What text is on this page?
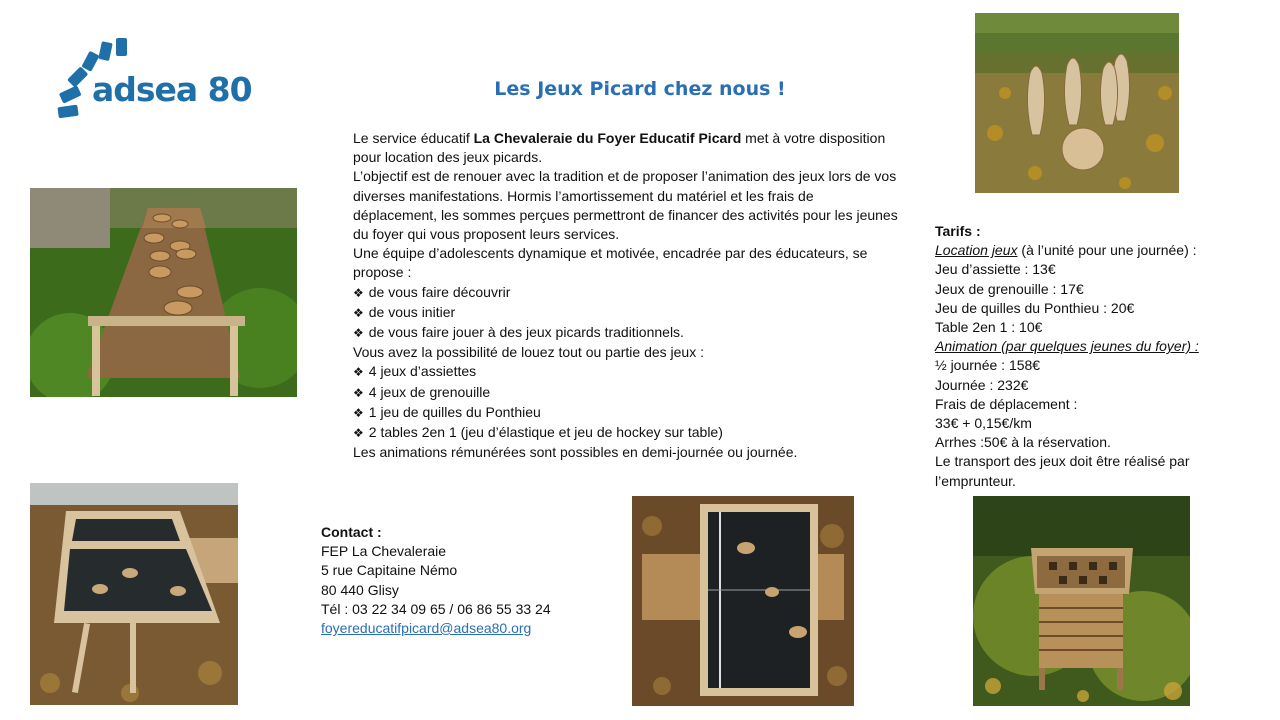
adsea 80	Les Jeux Picard chez nous !

Le service éducatif La Chevaleraie du Foyer Educatif Picard met à votre disposition pour location des jeux picards.

L’objectif est de renouer avec la tradition et de proposer l’animation des jeux lors de vos diverses manifestations. Hormis l’amortissement du matériel et les frais de déplacement, les sommes perçues permettront de financer des activités pour les jeunes du foyer qui vous proposent leurs services.

Une équipe d’adolescents dynamique et motivée, encadrée par des éducateurs, se propose :

❖ de vous faire découvrir

❖ de vous initier

❖ de vous faire jouer à des jeux picards traditionnels.

Vous avez la possibilité de louez tout ou partie des jeux :

❖ 4 jeux d’assiettes

❖ 4 jeux de grenouille

❖ 1 jeu de quilles du Ponthieu

❖ 2 tables 2en 1 (jeu d’élastique et jeu de hockey sur table)

Les animations rémunérées sont possibles en demi-journée ou journée.

Tarifs :

Location jeux (à l’unité pour une journée) :

Jeu d’assiette : 13€

Jeux de grenouille : 17€

Jeu de quilles du Ponthieu : 20€

Table 2en 1 : 10€

Animation (par quelques jeunes du foyer) :

½ journée : 158€

Journée : 232€

Frais de déplacement :

33€ + 0,15€/km

Arrhes :50€ à la réservation.

Le transport des jeux doit être réalisé par l’emprunteur.

Contact :

FEP La Chevaleraie

5 rue Capitaine Némo

80 440 Glisy

Tél : 03 22 34 09 65 / 06 86 55 33 24

foyereducatifpicard@adsea80.org
